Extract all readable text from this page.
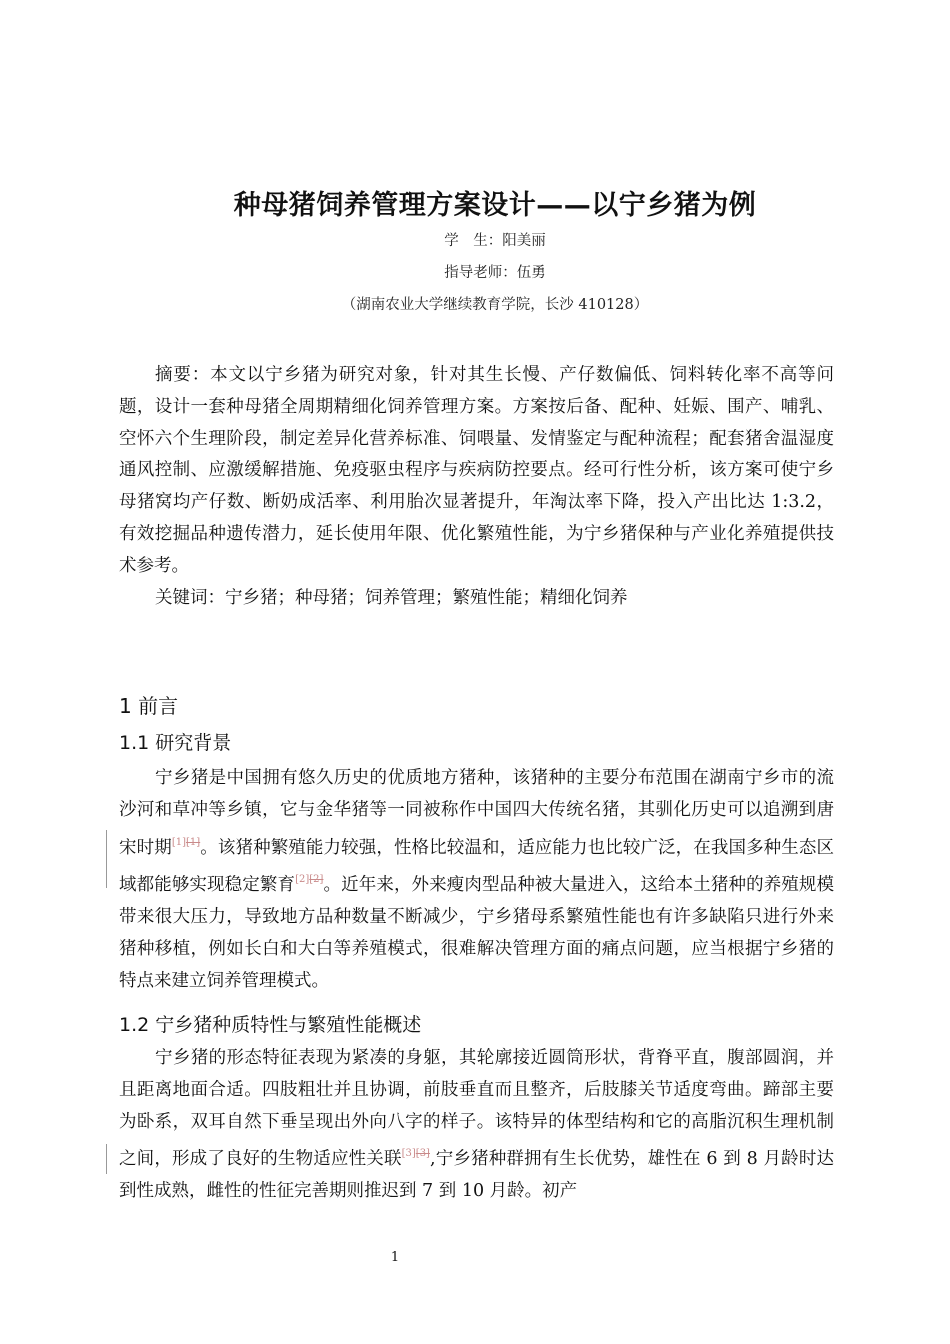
种母猪饲养管理方案设计——以宁乡猪为例
学　生：阳美丽
指导老师：伍勇
（湖南农业大学继续教育学院，长沙 410128）

摘要：本文以宁乡猪为研究对象，针对其生长慢、产仔数偏低、饲料转化率不高等问题，设计一套种母猪全周期精细化饲养管理方案。方案按后备、配种、妊娠、围产、哺乳、空怀六个生理阶段，制定差异化营养标准、饲喂量、发情鉴定与配种流程；配套猪舍温湿度通风控制、应激缓解措施、免疫驱虫程序与疾病防控要点。经可行性分析，该方案可使宁乡母猪窝均产仔数、断奶成活率、利用胎次显著提升，年淘汰率下降，投入产出比达 1:3.2，有效挖掘品种遗传潜力，延长使用年限、优化繁殖性能，为宁乡猪保种与产业化养殖提供技术参考。

关键词：宁乡猪；种母猪；饲养管理；繁殖性能；精细化饲养

1 前言
1.1 研究背景

宁乡猪是中国拥有悠久历史的优质地方猪种，该猪种的主要分布范围在湖南宁乡市的流沙河和草冲等乡镇，它与金华猪等一同被称作中国四大传统名猪，其驯化历史可以追溯到唐宋时期[1][1]。该猪种繁殖能力较强，性格比较温和，适应能力也比较广泛，在我国多种生态区域都能够实现稳定繁育[2][2]。近年来，外来瘦肉型品种被大量进入，这给本土猪种的养殖规模带来很大压力，导致地方品种数量不断减少，宁乡猪母系繁殖性能也有许多缺陷只进行外来猪种移植，例如长白和大白等养殖模式，很难解决管理方面的痛点问题，应当根据宁乡猪的特点来建立饲养管理模式。

1.2 宁乡猪种质特性与繁殖性能概述

宁乡猪的形态特征表现为紧凑的身躯，其轮廓接近圆筒形状，背脊平直，腹部圆润，并且距离地面合适。四肢粗壮并且协调，前肢垂直而且整齐，后肢膝关节适度弯曲。蹄部主要为卧系，双耳自然下垂呈现出外向八字的样子。该特异的体型结构和它的高脂沉积生理机制之间，形成了良好的生物适应性关联[3][3],宁乡猪种群拥有生长优势，雄性在 6 到 8 月龄时达到性成熟，雌性的性征完善期则推迟到 7 到 10 月龄。初产

1
